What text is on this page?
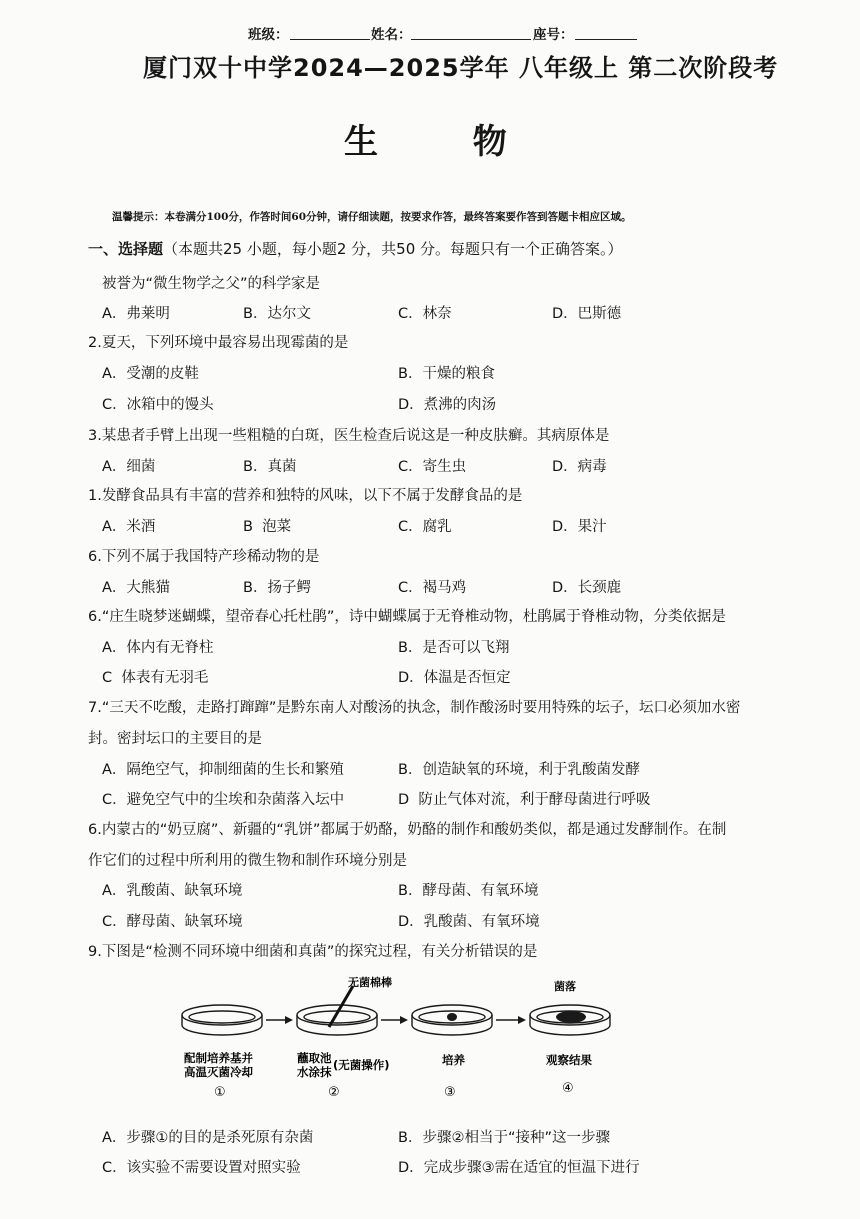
班级：	姓名：	座号：
厦门双十中学2024—2025学年 八年级上 第二次阶段考
生        物
温馨提示：本卷满分100分，作答时间60分钟，请仔细读题，按要求作答，最终答案要作答到答题卡相应区域。
一、选择题（本题共25 小题，每小题2 分，共50 分。每题只有一个正确答案。）
被誉为“微生物学之父”的科学家是
A．弗莱明	B．达尔文	C．林奈	D．巴斯德
2.夏天，下列环境中最容易出现霉菌的是
A．受潮的皮鞋	B．干燥的粮食
C．冰箱中的馒头	D．煮沸的肉汤
3.某患者手臂上出现一些粗糙的白斑，医生检查后说这是一种皮肤癣。其病原体是
A．细菌	B．真菌	C．寄生虫	D．病毒
1.发酵食品具有丰富的营养和独特的风味，以下不属于发酵食品的是
A．米酒	B  泡菜	C．腐乳	D．果汁
6.下列不属于我国特产珍稀动物的是
A．大熊猫	B．扬子鳄	C．褐马鸡	D．长颈鹿
6.“庄生晓梦迷蝴蝶，望帝春心托杜鹃”，诗中蝴蝶属于无脊椎动物，杜鹃属于脊椎动物，分类依据是
A．体内有无脊柱	B．是否可以飞翔
C  体表有无羽毛	D．体温是否恒定
7.“三天不吃酸，走路打蹿蹿”是黔东南人对酸汤的执念，制作酸汤时要用特殊的坛子，坛口必须加水密
封。密封坛口的主要目的是
A．隔绝空气，抑制细菌的生长和繁殖	B．创造缺氧的环境，利于乳酸菌发酵
C．避免空气中的尘埃和杂菌落入坛中	D  防止气体对流，利于酵母菌进行呼吸
6.内蒙古的“奶豆腐”、新疆的“乳饼”都属于奶酪，奶酪的制作和酸奶类似，都是通过发酵制作。在制
作它们的过程中所利用的微生物和制作环境分别是
A．乳酸菌、缺氧环境	B．酵母菌、有氧环境
C．酵母菌、缺氧环境	D．乳酸菌、有氧环境
9.下图是“检测不同环境中细菌和真菌”的探究过程，有关分析错误的是
无菌棉棒	菌落
配制培养基并
高温灭菌冷却
蘸取池
水涂抹 (无菌操作)	培养	观察结果
①	②	③	④
A．步骤①的目的是杀死原有杂菌	B．步骤②相当于“接种”这一步骤
C．该实验不需要设置对照实验	D．完成步骤③需在适宜的恒温下进行
